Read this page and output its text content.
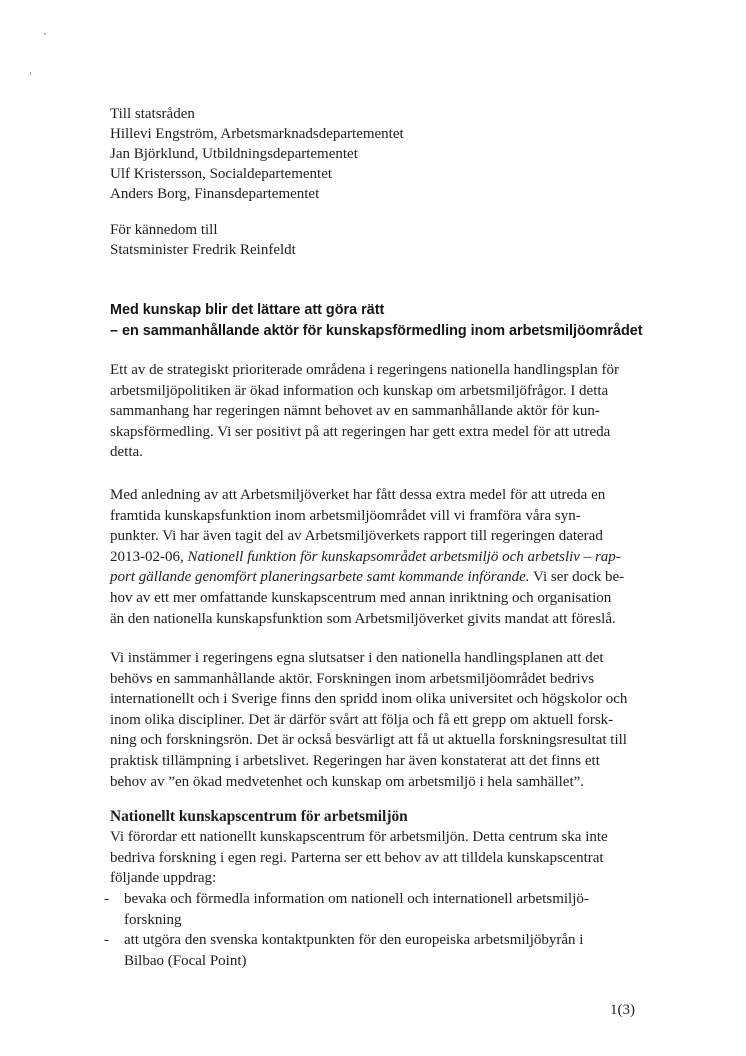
Till statsråden
Hillevi Engström, Arbetsmarknadsdepartementet
Jan Björklund, Utbildningsdepartementet
Ulf Kristersson, Socialdepartementet
Anders Borg, Finansdepartementet
För kännedom till
Statsminister Fredrik Reinfeldt
Med kunskap blir det lättare att göra rätt
– en sammanhållande aktör för kunskapsförmedling inom arbetsmiljöområdet
Ett av de strategiskt prioriterade områdena i regeringens nationella handlingsplan för
arbetsmiljöpolitiken är ökad information och kunskap om arbetsmiljöfrågor. I detta
sammanhang har regeringen nämnt behovet av en sammanhållande aktör för kun-
skapsförmedling. Vi ser positivt på att regeringen har gett extra medel för att utreda
detta.
Med anledning av att Arbetsmiljöverket har fått dessa extra medel för att utreda en
framtida kunskapsfunktion inom arbetsmiljöområdet vill vi framföra våra syn-
punkter. Vi har även tagit del av Arbetsmiljöverkets rapport till regeringen daterad
2013-02-06, Nationell funktion för kunskapsområdet arbetsmiljö och arbetsliv – rap-
port gällande genomfört planeringsarbete samt kommande införande. Vi ser dock be-
hov av ett mer omfattande kunskapscentrum med annan inriktning och organisation
än den nationella kunskapsfunktion som Arbetsmiljöverket givits mandat att föreslå.
Vi instämmer i regeringens egna slutsatser i den nationella handlingsplanen att det
behövs en sammanhållande aktör. Forskningen inom arbetsmiljöområdet bedrivs
internationellt och i Sverige finns den spridd inom olika universitet och högskolor och
inom olika discipliner. Det är därför svårt att följa och få ett grepp om aktuell forsk-
ning och forskningsrön. Det är också besvärligt att få ut aktuella forskningsresultat till
praktisk tillämpning i arbetslivet. Regeringen har även konstaterat att det finns ett
behov av ”en ökad medvetenhet och kunskap om arbetsmiljö i hela samhället”.
Nationellt kunskapscentrum för arbetsmiljön
Vi förordar ett nationellt kunskapscentrum för arbetsmiljön. Detta centrum ska inte
bedriva forskning i egen regi. Parterna ser ett behov av att tilldela kunskapscentrat
följande uppdrag:
- bevaka och förmedla information om nationell och internationell arbetsmiljö-
forskning
- att utgöra den svenska kontaktpunkten för den europeiska arbetsmiljöbyrån i
Bilbao (Focal Point)
1(3)
